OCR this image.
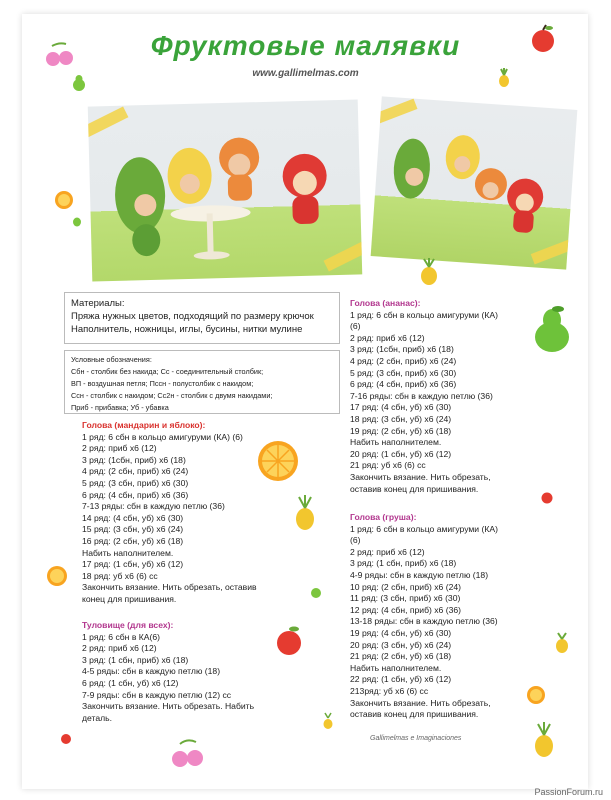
Фруктовые малявки
www.gallimelmas.com
Материалы:
Пряжа нужных цветов, подходящий по размеру крючок
Наполнитель, ножницы, иглы, бусины, нитки мулине
Условные обозначения:
Сбн - столбик без накида; Сс - соединительный столбик;
ВП - воздушная петля; Пссн - полустолбик с накидом;
Ссн - столбик с накидом; Сс2н - столбик с двумя накидами;
Приб - прибавка; Уб - убавка
Голова (мандарин и яблоко):
1 ряд: 6 сбн в кольцо амигуруми (КА) (6)
2 ряд: приб х6 (12)
3 ряд: (1сбн, приб) х6 (18)
4 ряд: (2 сбн, приб) х6 (24)
5 ряд: (3 сбн, приб) х6 (30)
6 ряд: (4 сбн, приб) х6 (36)
7-13 ряды: сбн в каждую петлю (36)
14 ряд: (4 сбн, уб) х6 (30)
15 ряд: (3 сбн, уб) х6 (24)
16 ряд: (2 сбн, уб) х6 (18)
Набить наполнителем.
17 ряд: (1 сбн, уб) х6 (12)
18 ряд: уб х6 (6) сс
Закончить вязание. Нить обрезать, оставив
конец для пришивания.
Туловище (для всех):
1 ряд: 6 сбн в КА(6)
2 ряд: приб х6 (12)
3 ряд: (1 сбн, приб) х6 (18)
4-5 ряды: сбн в каждую петлю (18)
6 ряд: (1 сбн, уб) х6 (12)
7-9 ряды: сбн в каждую петлю (12) сс
Закончить вязание. Нить обрезать. Набить
деталь.
Голова (ананас):
1 ряд: 6 сбн в кольцо амигуруми (КА)
(6)
2 ряд: приб х6 (12)
3 ряд: (1сбн, приб) х6 (18)
4 ряд: (2 сбн, приб) х6 (24)
5 ряд: (3 сбн, приб) х6 (30)
6 ряд: (4 сбн, приб) х6 (36)
7-16 ряды: сбн в каждую петлю (36)
17 ряд: (4 сбн, уб) х6 (30)
18 ряд: (3 сбн, уб) х6 (24)
19 ряд: (2 сбн, уб) х6 (18)
Набить наполнителем.
20 ряд: (1 сбн, уб) х6 (12)
21 ряд: уб х6 (6) сс
Закончить вязание. Нить обрезать,
оставив конец для пришивания.
Голова (груша):
1 ряд: 6 сбн в кольцо амигуруми (КА)
(6)
2 ряд: приб х6 (12)
3 ряд: (1 сбн, приб) х6 (18)
4-9 ряды: сбн в каждую петлю (18)
10 ряд: (2 сбн, приб) х6 (24)
11 ряд: (3 сбн, приб) х6 (30)
12 ряд: (4 сбн, приб) х6 (36)
13-18 ряды: сбн в каждую петлю (36)
19 ряд: (4 сбн, уб) х6 (30)
20 ряд: (3 сбн, уб) х6 (24)
21 ряд: (2 сбн, уб) х6 (18)
Набить наполнителем.
22 ряд: (1 сбн, уб) х6 (12)
213ряд: уб х6 (6) сс
Закончить вязание. Нить обрезать,
оставив конец для пришивания.
Gallimelmas e Imaginaciones
PassionForum.ru
